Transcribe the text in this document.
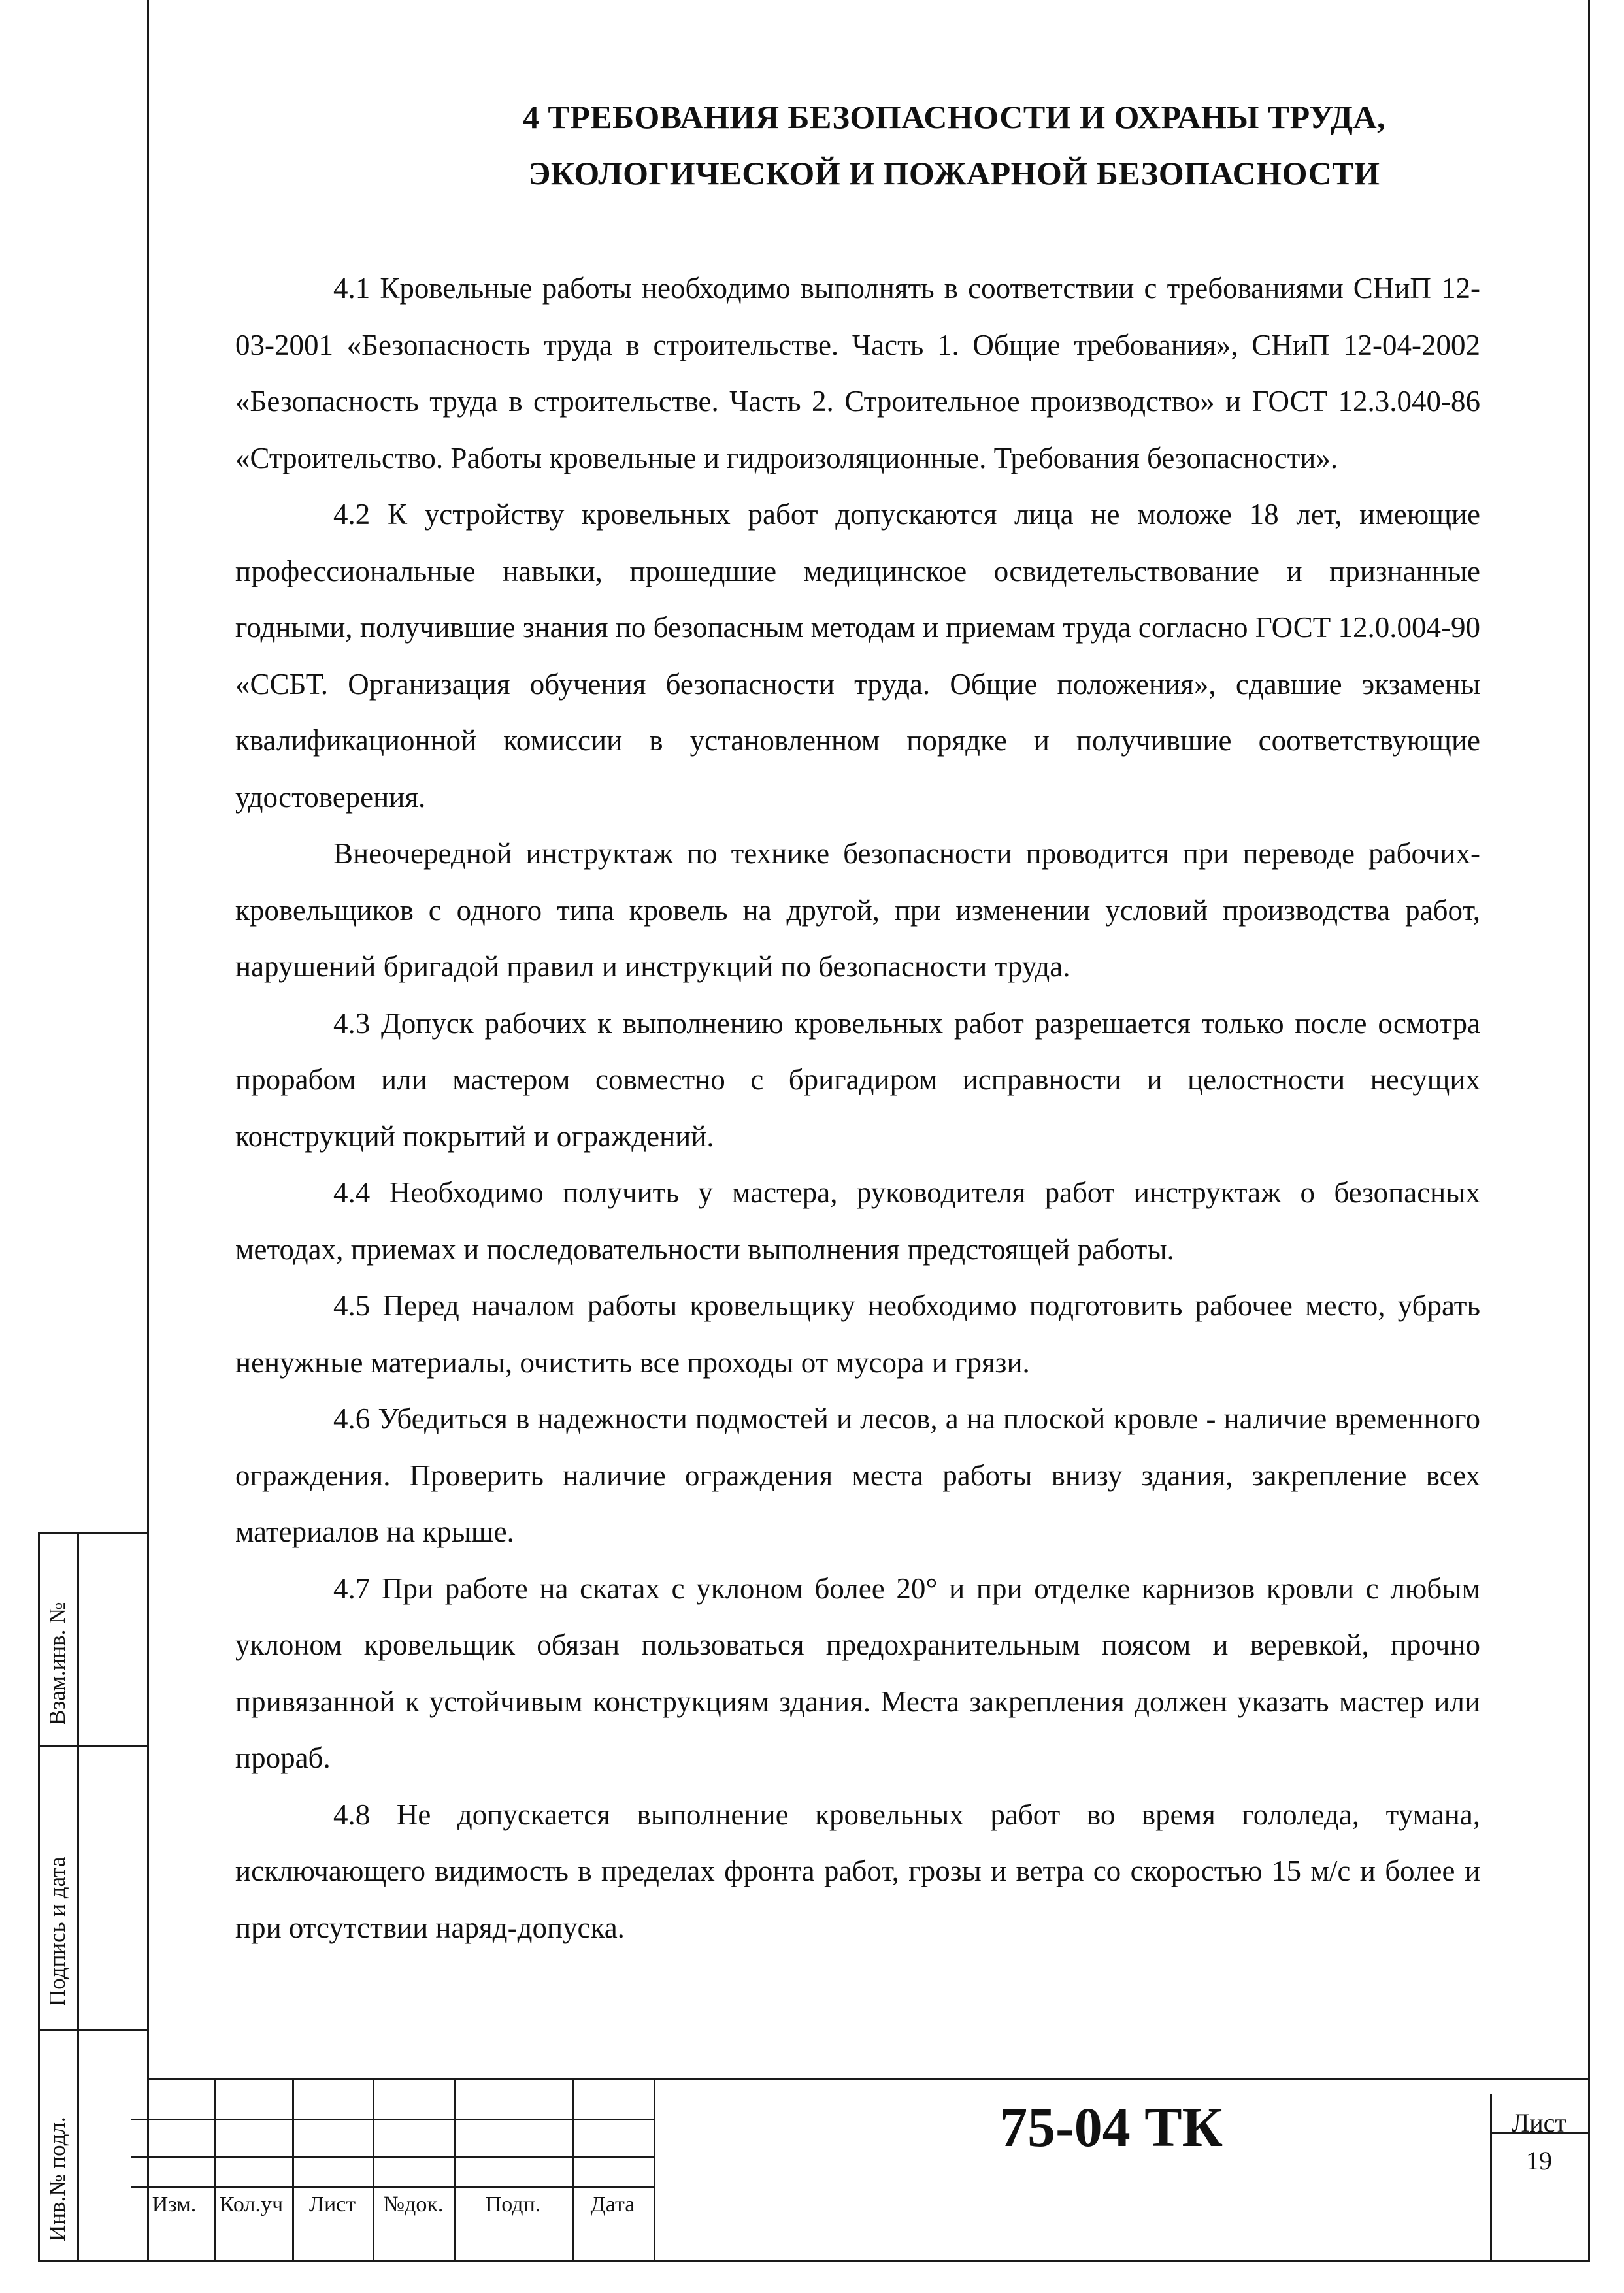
Взам.инв. №
Подпись и дата
Инв.№ подл.
4 ТРЕБОВАНИЯ БЕЗОПАСНОСТИ И ОХРАНЫ ТРУДА,
ЭКОЛОГИЧЕСКОЙ И ПОЖАРНОЙ БЕЗОПАСНОСТИ

4.1 Кровельные работы необходимо выполнять в соответствии с требованиями СНиП 12-03-2001 «Безопасность труда в строительстве. Часть 1. Общие требования», СНиП 12-04-2002 «Безопасность труда в строительстве. Часть 2. Строительное производство» и ГОСТ 12.3.040-86 «Строительство. Работы кровельные и гидроизоляционные. Требования безопасности».

4.2 К устройству кровельных работ допускаются лица не моложе 18 лет, имеющие профессиональные навыки, прошедшие медицинское освидетельствование и признанные годными, получившие знания по безопасным методам и приемам труда согласно ГОСТ 12.0.004-90 «ССБТ. Организация обучения безопасности труда. Общие положения», сдавшие экзамены квалификационной комиссии в установленном порядке и получившие соответствующие удостоверения.

Внеочередной инструктаж по технике безопасности проводится при переводе рабочих-кровельщиков с одного типа кровель на другой, при изменении условий производства работ, нарушений бригадой правил и инструкций по безопасности труда.

4.3 Допуск рабочих к выполнению кровельных работ разрешается только после осмотра прорабом или мастером совместно с бригадиром исправности и целостности несущих конструкций покрытий и ограждений.

4.4 Необходимо получить у мастера, руководителя работ инструктаж о безопасных методах, приемах и последовательности выполнения предстоящей работы.

4.5 Перед началом работы кровельщику необходимо подготовить рабочее место, убрать ненужные материалы, очистить все проходы от мусора и грязи.

4.6 Убедиться в надежности подмостей и лесов, а на плоской кровле - наличие временного ограждения. Проверить наличие ограждения места работы внизу здания, закрепление всех материалов на крыше.

4.7 При работе на скатах с уклоном более 20° и при отделке карнизов кровли с любым уклоном кровельщик обязан пользоваться предохранительным поясом и веревкой, прочно привязанной к устойчивым конструкциям здания. Места закрепления должен указать мастер или прораб.

4.8 Не допускается выполнение кровельных работ во время гололеда, тумана, исключающего видимость в пределах фронта работ, грозы и ветра со скоростью 15 м/с и более и при отсутствии наряд-допуска.

Изм.	Кол.уч	Лист	№док.	Подп.	Дата
75-04 ТК	Лист
19
